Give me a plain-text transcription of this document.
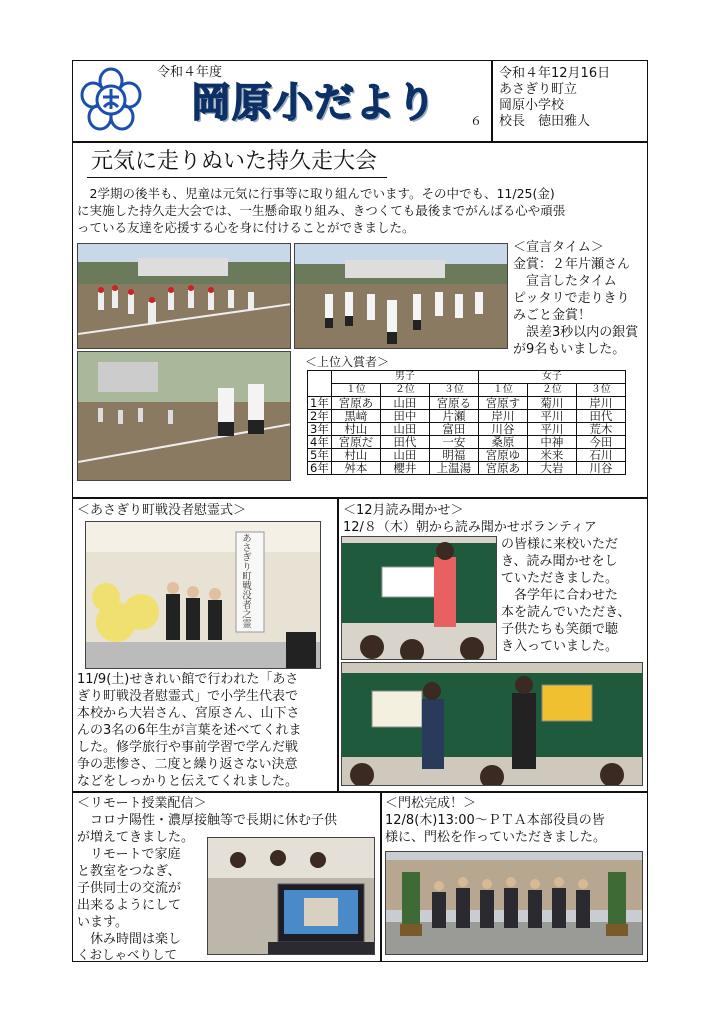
令和４年度
岡原小だより	６
令和４年12月16日
あさぎり町立
岡原小学校
校長　徳田雅人
元気に走りぬいた持久走大会
　2学期の後半も、児童は元気に行事等に取り組んでいます。その中でも、11/25(金)
に実施した持久走大会では、一生懸命取り組み、きつくても最後までがんばる心や頑張
っている友達を応援する心を身に付けることができました。
＜宣言タイム＞
金賞：２年片瀬さん
　宣言したタイム
ピッタリで走りきり
みごと金賞！
　誤差3秒以内の銀賞
が9名もいました。
＜上位入賞者＞
	男子			女子		
	１位	２位	３位	１位	２位	３位
1年	宮原あ	山田	宮原る	宮原す	菊川	岸川
2年	黒﨑	田中	片瀬	岸川	平川	田代
3年	村山	山田	富田	川谷	平川	荒木
4年	宮原だ	田代	一安	桑原	中神	今田
5年	村山	山田	明福	宮原ゆ	米来	石川
6年	舛本	櫻井	上温湯	宮原あ	大岩	川谷
＜あさぎり町戦没者慰霊式＞
あさぎり町戦没者之霊
11/9(土)せきれい館で行われた「あさ
ぎり町戦没者慰霊式」で小学生代表で
本校から大岩さん、宮原さん、山下さ
んの3名の6年生が言葉を述べてくれま
した。修学旅行や事前学習で学んだ戦
争の悲惨さ、二度と繰り返さない決意
などをしっかりと伝えてくれました。
＜12月読み聞かせ＞
12/８（木）朝から読み聞かせボランティア
の皆様に来校いただ
き、読み聞かせをし
ていただきました。
　各学年に合わせた
本を読んでいただき、
子供たちも笑顔で聴
き入っていました。
＜リモート授業配信＞
　コロナ陽性・濃厚接触等で長期に休む子供
が増えてきました。
　リモートで家庭
と教室をつなぎ、
子供同士の交流が
出来るようにして
います。
　休み時間は楽し
くおしゃべりして
＜門松完成！＞
12/8(木)13:00～ＰＴＡ本部役員の皆
様に、門松を作っていただきました。
